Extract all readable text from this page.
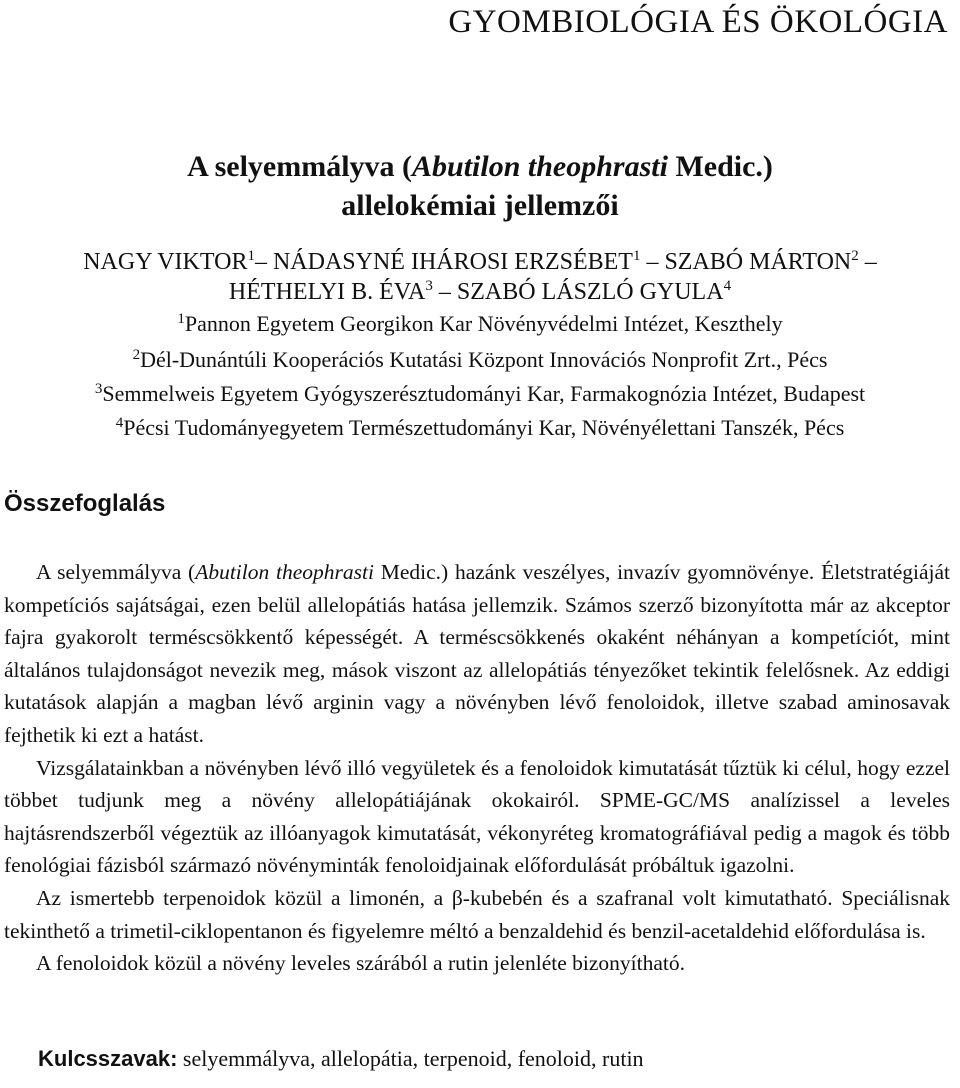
GYOMBIOLÓGIA ÉS ÖKOLÓGIA
A selyemmályva (Abutilon theophrasti Medic.)
allelokémiai jellemzői
NAGY VIKTOR$^1$– NÁDASYNÉ IHÁROSI ERZSÉBET$^1$ – SZABÓ MÁRTON$^2$ –
HÉTHELYI B. ÉVA$^3$ – SZABÓ LÁSZLÓ GYULA$^4$
$^1$Pannon Egyetem Georgikon Kar Növényvédelmi Intézet, Keszthely
$^2$Dél-Dunántúli Kooperációs Kutatási Központ Innovációs Nonprofit Zrt., Pécs
$^3$Semmelweis Egyetem Gyógyszerésztudományi Kar, Farmakognózia Intézet, Budapest
$^4$Pécsi Tudományegyetem Természettudományi Kar, Növényélettani Tanszék, Pécs
Összefoglalás

A selyemmályva (Abutilon theophrasti Medic.) hazánk veszélyes, invazív gyomnövénye. Életstratégiáját kompetíciós sajátságai, ezen belül allelopátiás hatása jellemzik. Számos szerző bizonyította már az akceptor fajra gyakorolt terméscsökkentő képességét. A terméscsökkenés okaként néhányan a kompetíciót, mint általános tulajdonságot nevezik meg, mások viszont az allelopátiás tényezőket tekintik felelősnek. Az eddigi kutatások alapján a magban lévő arginin vagy a növényben lévő fenoloidok, illetve szabad aminosavak fejthetik ki ezt a hatást.

Vizsgálatainkban a növényben lévő illó vegyületek és a fenoloidok kimutatását tűztük ki célul, hogy ezzel többet tudjunk meg a növény allelopátiájának okokairól. SPME-GC/MS analízissel a leveles hajtásrendszerből végeztük az illóanyagok kimutatását, vékonyréteg kromatográfiával pedig a magok és több fenológiai fázisból származó növényminták fenoloidjainak előfordulását próbáltuk igazolni.

Az ismertebb terpenoidok közül a limonén, a β-kubebén és a szafranal volt kimutatható. Speciálisnak tekinthető a trimetil-ciklopentanon és figyelemre méltó a benzaldehid és benzil-acetaldehid előfordulása is.

A fenoloidok közül a növény leveles szárából a rutin jelenléte bizonyítható.

Kulcsszavak: selyemmályva, allelopátia, terpenoid, fenoloid, rutin
